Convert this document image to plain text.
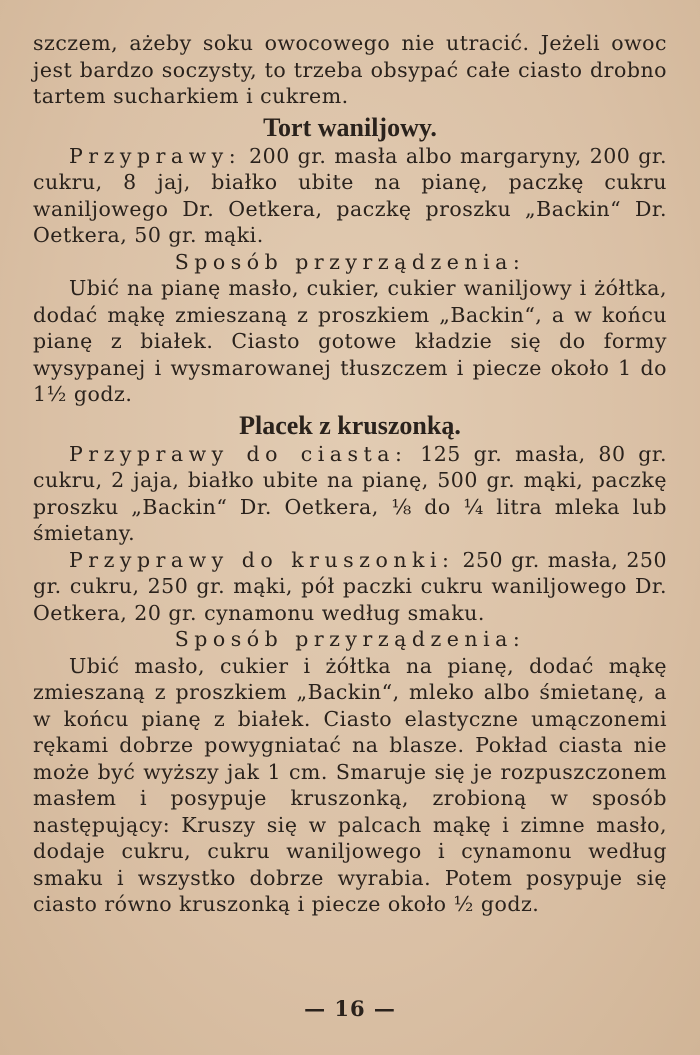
szczem, ażeby soku owocowego nie utracić. Jeżeli owoc jest bardzo soczysty, to trzeba obsypać całe ciasto drobno tartem sucharkiem i cukrem.

Tort waniljowy.

Przyprawy: 200 gr. masła albo margaryny, 200 gr. cukru, 8 jaj, białko ubite na pianę, paczkę cukru waniljowego Dr. Oetkera, paczkę proszku „Backin“ Dr. Oetkera, 50 gr. mąki.

Sposób przyrządzenia:

Ubić na pianę masło, cukier, cukier waniljowy i żółtka, dodać mąkę zmieszaną z proszkiem „Backin“, a w końcu pianę z białek. Ciasto gotowe kładzie się do formy wysypanej i wysmarowanej tłuszczem i piecze około 1 do 1½ godz.

Placek z kruszonką.

Przyprawy do ciasta: 125 gr. masła, 80 gr. cukru, 2 jaja, białko ubite na pianę, 500 gr. mąki, paczkę proszku „Backin“ Dr. Oetkera, ⅛ do ¼ litra mleka lub śmietany.

Przyprawy do kruszonki: 250 gr. masła, 250 gr. cukru, 250 gr. mąki, pół paczki cukru waniljowego Dr. Oetkera, 20 gr. cynamonu według smaku.

Sposób przyrządzenia:

Ubić masło, cukier i żółtka na pianę, dodać mąkę zmieszaną z proszkiem „Backin“, mleko albo śmietanę, a w końcu pianę z białek. Ciasto elastyczne umączonemi rękami dobrze powygniatać na blasze. Pokład ciasta nie może być wyższy jak 1 cm. Smaruje się je rozpuszczonem masłem i posypuje kruszonką, zrobioną w sposób następujący: Kruszy się w palcach mąkę i zimne masło, dodaje cukru, cukru waniljowego i cynamonu według smaku i wszystko dobrze wyrabia. Potem posypuje się ciasto równo kruszonką i piecze około ½ godz.

— 16 —
